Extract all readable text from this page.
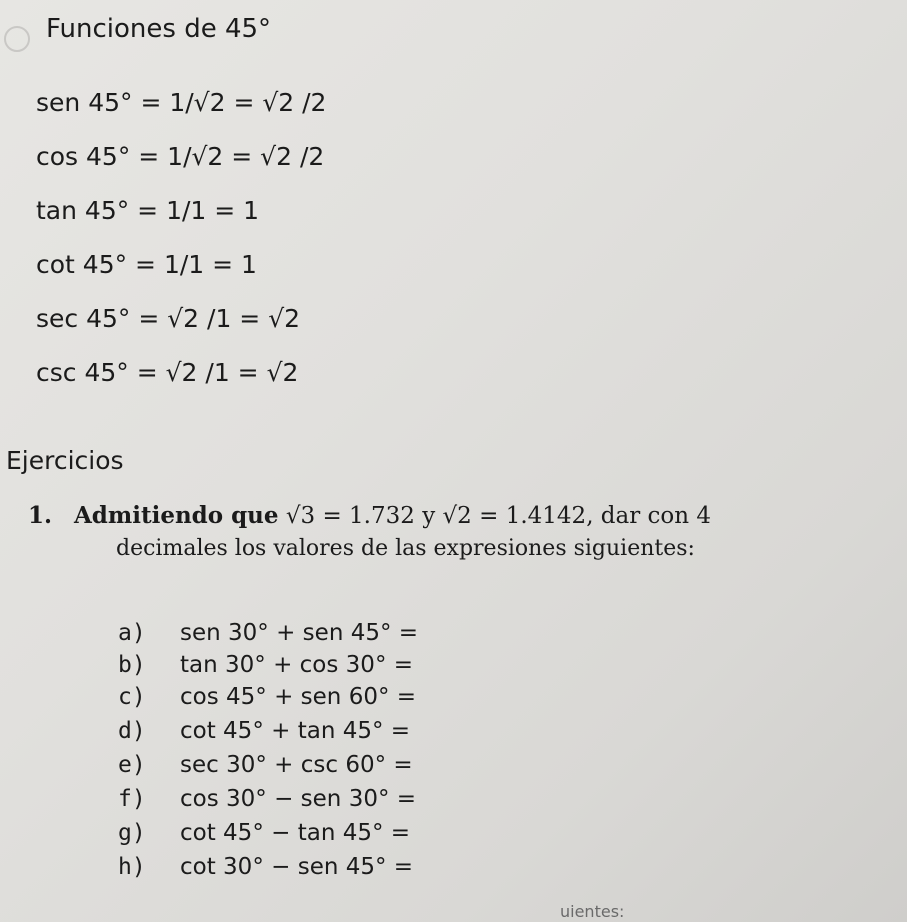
Funciones de 45°
sen 45° = 1/√2 = √2 /2
cos 45° = 1/√2 = √2 /2
tan 45° = 1/1 = 1
cot 45° = 1/1 = 1
sec 45° = √2 /1 = √2
csc 45° = √2 /1 = √2
Ejercicios
1. Admitiendo que √3 = 1.732 y √2 = 1.4142, dar con 4
decimales los valores de las expresiones siguientes:
a) sen 30° + sen 45° =
b) tan 30° + cos 30° =
c) cos 45° + sen 60° =
d) cot 45° + tan 45° =
e) sec 30° + csc 60° =
f) cos 30° − sen 30° =
g) cot 45° − tan 45° =
h) cot 30° − sen 45° =
uientes:
